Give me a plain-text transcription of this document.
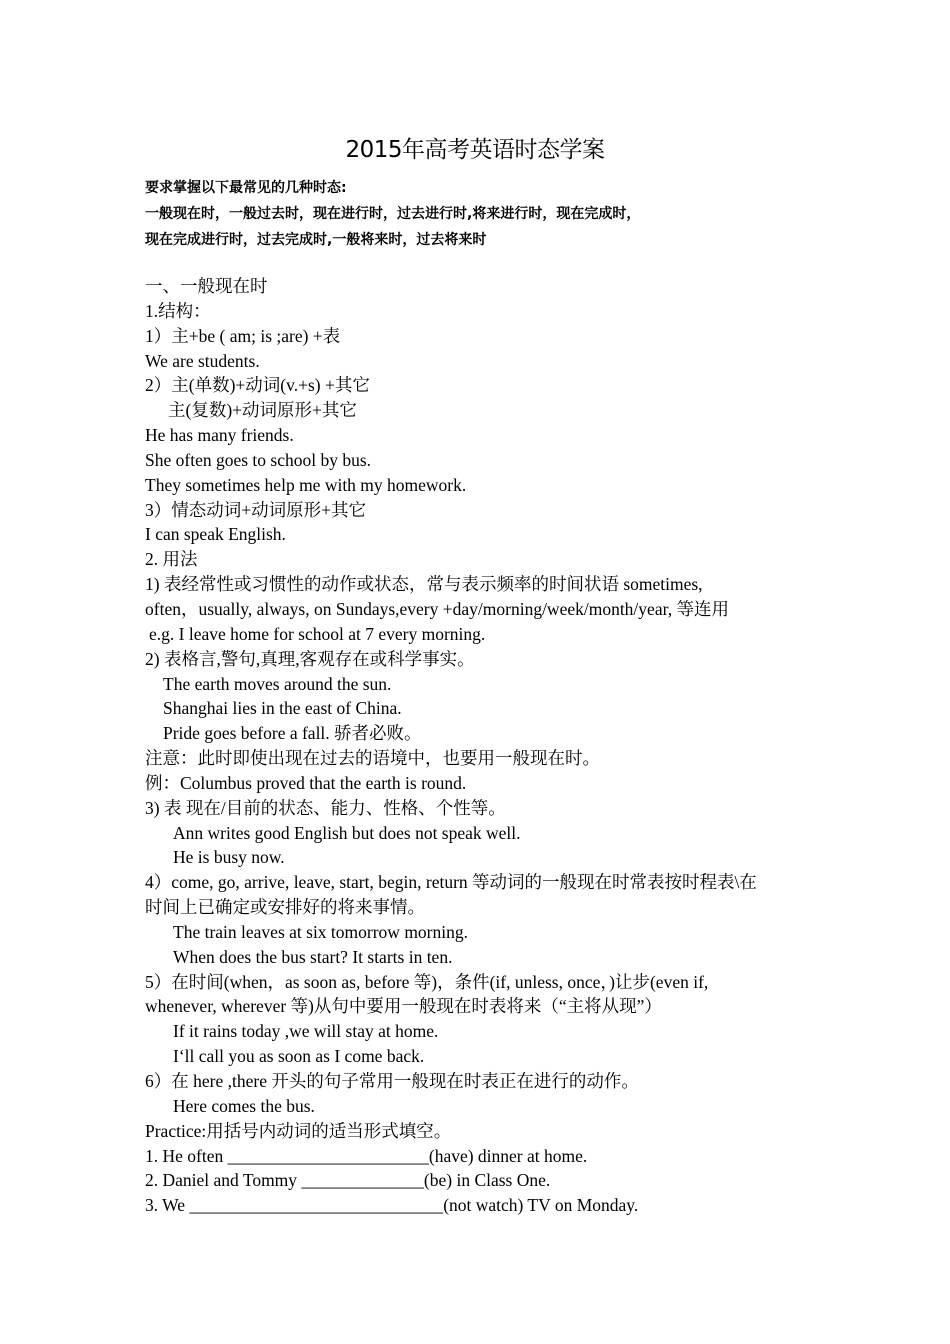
2015年高考英语时态学案
要求掌握以下最常见的几种时态:
一般现在时，一般过去时，现在进行时，过去进行时,将来进行时，现在完成时，
现在完成进行时，过去完成时,一般将来时，过去将来时
一、一般现在时
1.结构：
1）主+be ( am; is ;are) +表
We are students.
2）主(单数)+动词(v.+s) +其它
主(复数)+动词原形+其它
He has many friends.
She often goes to school by bus.
They sometimes help me with my homework.
3）情态动词+动词原形+其它
I can speak English.
2. 用法
1) 表经常性或习惯性的动作或状态，常与表示频率的时间状语 sometimes,
often，usually, always, on Sundays,every +day/morning/week/month/year, 等连用
e.g. I leave home for school at 7 every morning.
2) 表格言,警句,真理,客观存在或科学事实。
The earth moves around the sun.
Shanghai lies in the east of China.
Pride goes before a fall. 骄者必败。
注意：此时即使出现在过去的语境中，也要用一般现在时。
例：Columbus proved that the earth is round.
3) 表 现在/目前的状态、能力、性格、个性等。
Ann writes good English but does not speak well.
He is busy now.
4）come, go, arrive, leave, start, begin, return 等动词的一般现在时常表按时程表\在
时间上已确定或安排好的将来事情。
The train leaves at six tomorrow morning.
When does the bus start? It starts in ten.
5）在时间(when，as soon as, before 等)，条件(if, unless, once，)让步(even if,
whenever, wherever 等)从句中要用一般现在时表将来（“主将从现”）
If it rains today ,we will stay at home.
I‘ll call you as soon as I come back.
6）在 here ,there 开头的句子常用一般现在时表正在进行的动作。
Here comes the bus.
Practice:用括号内动词的适当形式填空。
1. He often _______________________(have) dinner at home.
2. Daniel and Tommy ______________(be) in Class One.
3. We _____________________________(not watch) TV on Monday.
